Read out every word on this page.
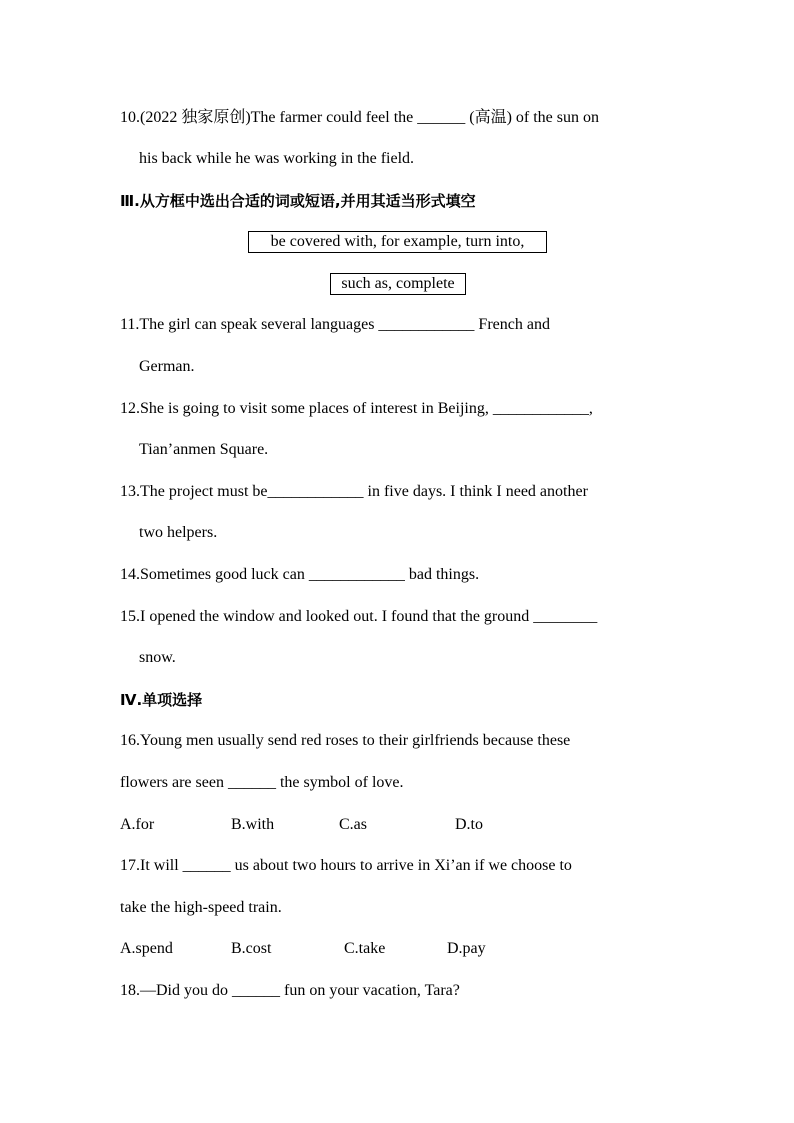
10.(2022 独家原创)The farmer could feel the ______ (高温) of the sun on
his back while he was working in the field.
Ⅲ.从方框中选出合适的词或短语,并用其适当形式填空
be covered with, for example, turn into,
such as, complete
11.The girl can speak several languages ____________ French and
German.
12.She is going to visit some places of interest in Beijing, ____________,
Tian’anmen Square.
13.The project must be____________ in five days. I think I need another
two helpers.
14.Sometimes good luck can ____________ bad things.
15.I opened the window and looked out. I found that the ground ________
snow.
Ⅳ.单项选择
16.Young men usually send red roses to their girlfriends because these
flowers are seen ______ the symbol of love.
A.for	B.with	C.as	D.to
17.It will ______ us about two hours to arrive in Xi’an if we choose to
take the high-speed train.
A.spend	B.cost	C.take	D.pay
18.—Did you do ______ fun on your vacation, Tara?
